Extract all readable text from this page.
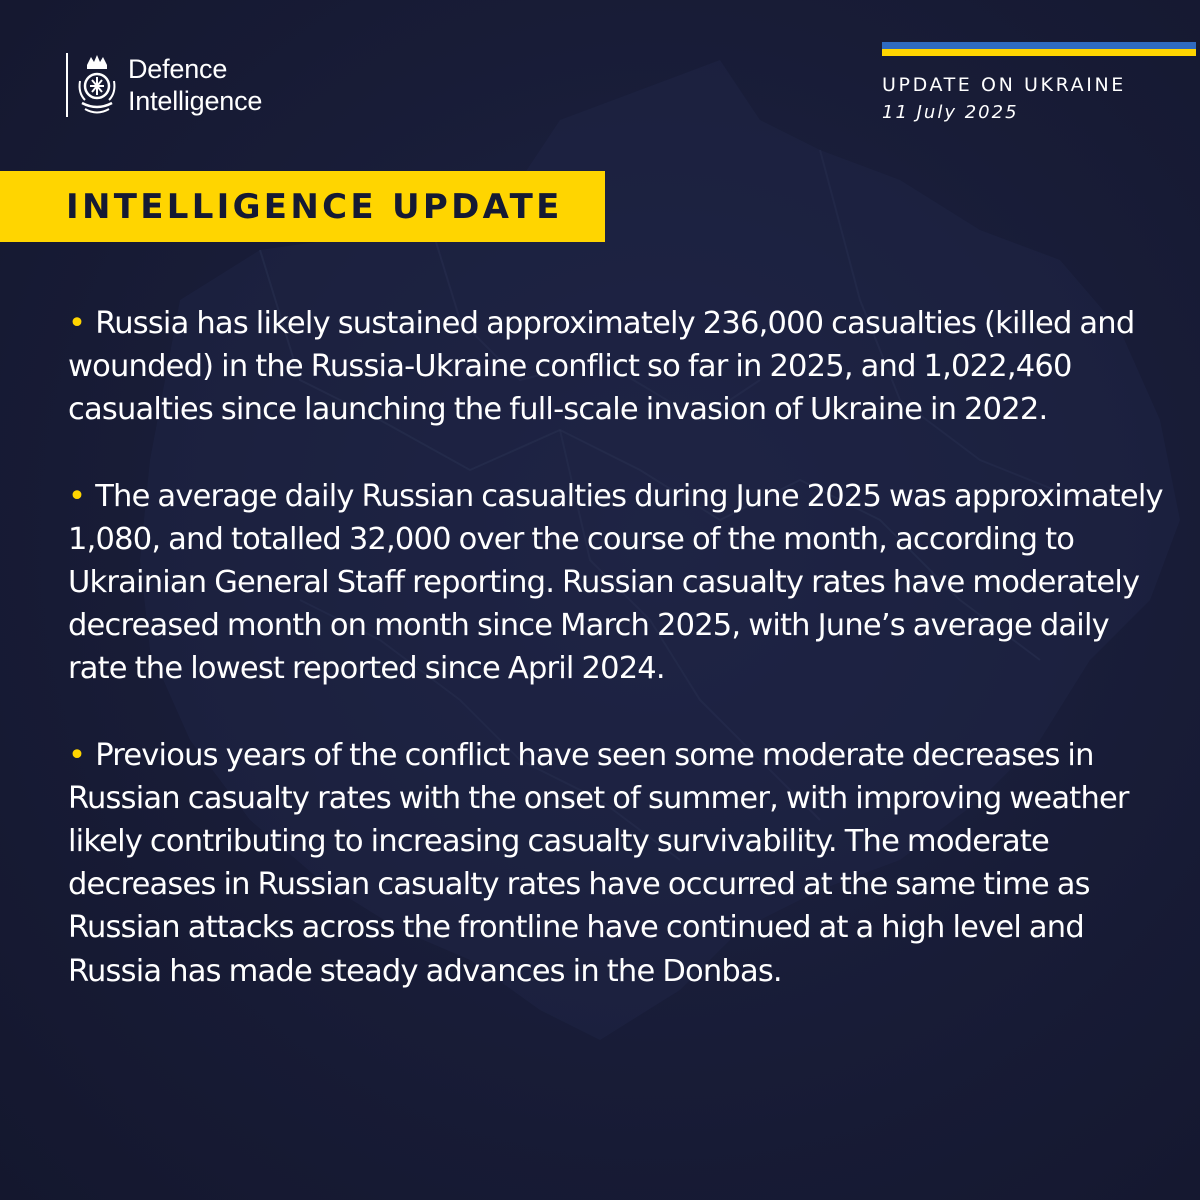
Defence
Intelligence
UPDATE ON UKRAINE
11 July 2025
INTELLIGENCE UPDATE

• Russia has likely sustained approximately 236,000 casualties (killed and wounded) in the Russia-Ukraine conflict so far in 2025, and 1,022,460 casualties since launching the full-scale invasion of Ukraine in 2022.

• The average daily Russian casualties during June 2025 was approximately 1,080, and totalled 32,000 over the course of the month, according to Ukrainian General Staff reporting. Russian casualty rates have moderately decreased month on month since March 2025, with June’s average daily rate the lowest reported since April 2024.

• Previous years of the conflict have seen some moderate decreases in Russian casualty rates with the onset of summer, with improving weather likely contributing to increasing casualty survivability. The moderate decreases in Russian casualty rates have occurred at the same time as Russian attacks across the frontline have continued at a high level and Russia has made steady advances in the Donbas.
